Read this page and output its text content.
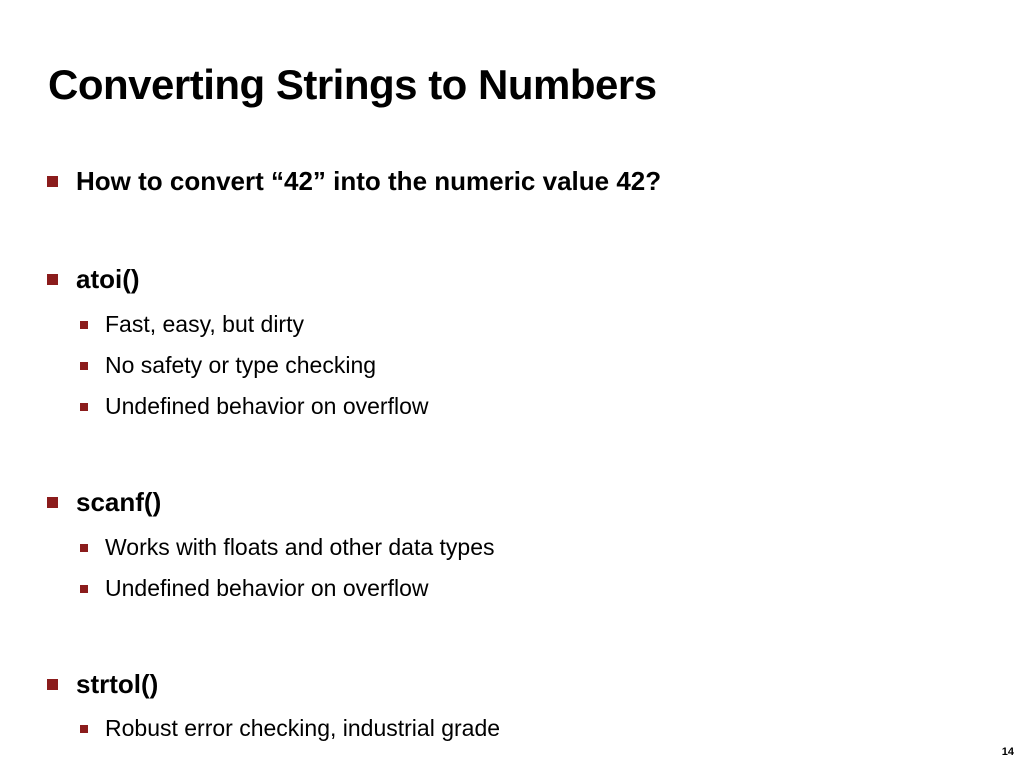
Converting Strings to Numbers
How to convert “42” into the numeric value 42?
atoi()
Fast, easy, but dirty
No safety or type checking
Undefined behavior on overflow
scanf()
Works with floats and other data types
Undefined behavior on overflow
strtol()
Robust error checking, industrial grade
14
